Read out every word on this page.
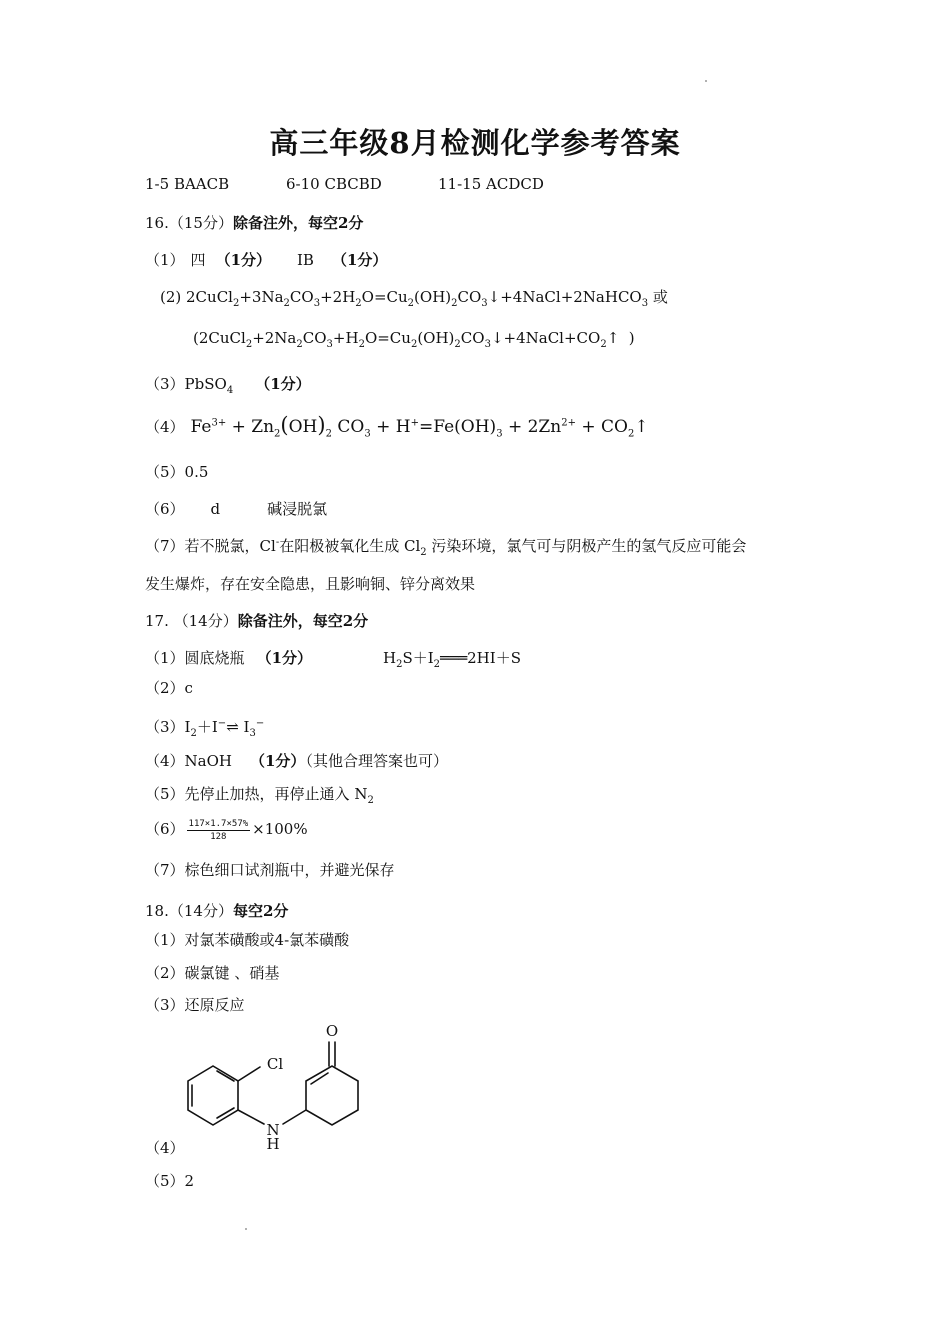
高三年级8月检测化学参考答案
1-5 BAACB	6-10 CBCBD	11-15 ACDCD
16.（15分）除备注外，每空2分
（1） 四 （1分） IB （1分）
(2) $2CuCl_2+3Na_2CO_3+2H_2O=Cu_2(OH)_2CO_3↓+4NaCl+2NaHCO_3$ 或
($2CuCl_2+2Na_2CO_3+H_2O=Cu_2(OH)_2CO_3↓+4NaCl+CO_2↑$  )
（3）PbSO$_4$ （1分）
（4） $Fe^{3+} + Zn_2(OH)_2$ $CO_3 + H^+=Fe(OH)_3 + 2Zn^{2+}$ + $CO_2↑$
（5）0.5
（6） d	碱浸脱氯
（7）若不脱氯，Cl-在阳极被氧化生成 $Cl_2$ 污染环境，氯气可与阴极产生的氢气反应可能会
发生爆炸，存在安全隐患，且影响铜、锌分离效果
17. （14分）除备注外，每空2分
（1）圆底烧瓶 （1分）	$H_2S+I_2═══2HI+S$
（2）c
$(3)I_2+I^-\rightleftharpoons$ $I_3^-$
（4）NaOH （1分）（其他合理答案也可）
（5）先停止加热，再停止通入 $N_2$
$(6) \frac{117\times 1.7\times 57\%}{128} \times 100\%$
（7）棕色细口试剂瓶中，并避光保存
18.（14分）每空2分
（1）对氯苯磺酸或4-氯苯磺酸
（2）碳氯键 、硝基
（3）还原反应
O
Cl
N
H
（4）
（5）2
